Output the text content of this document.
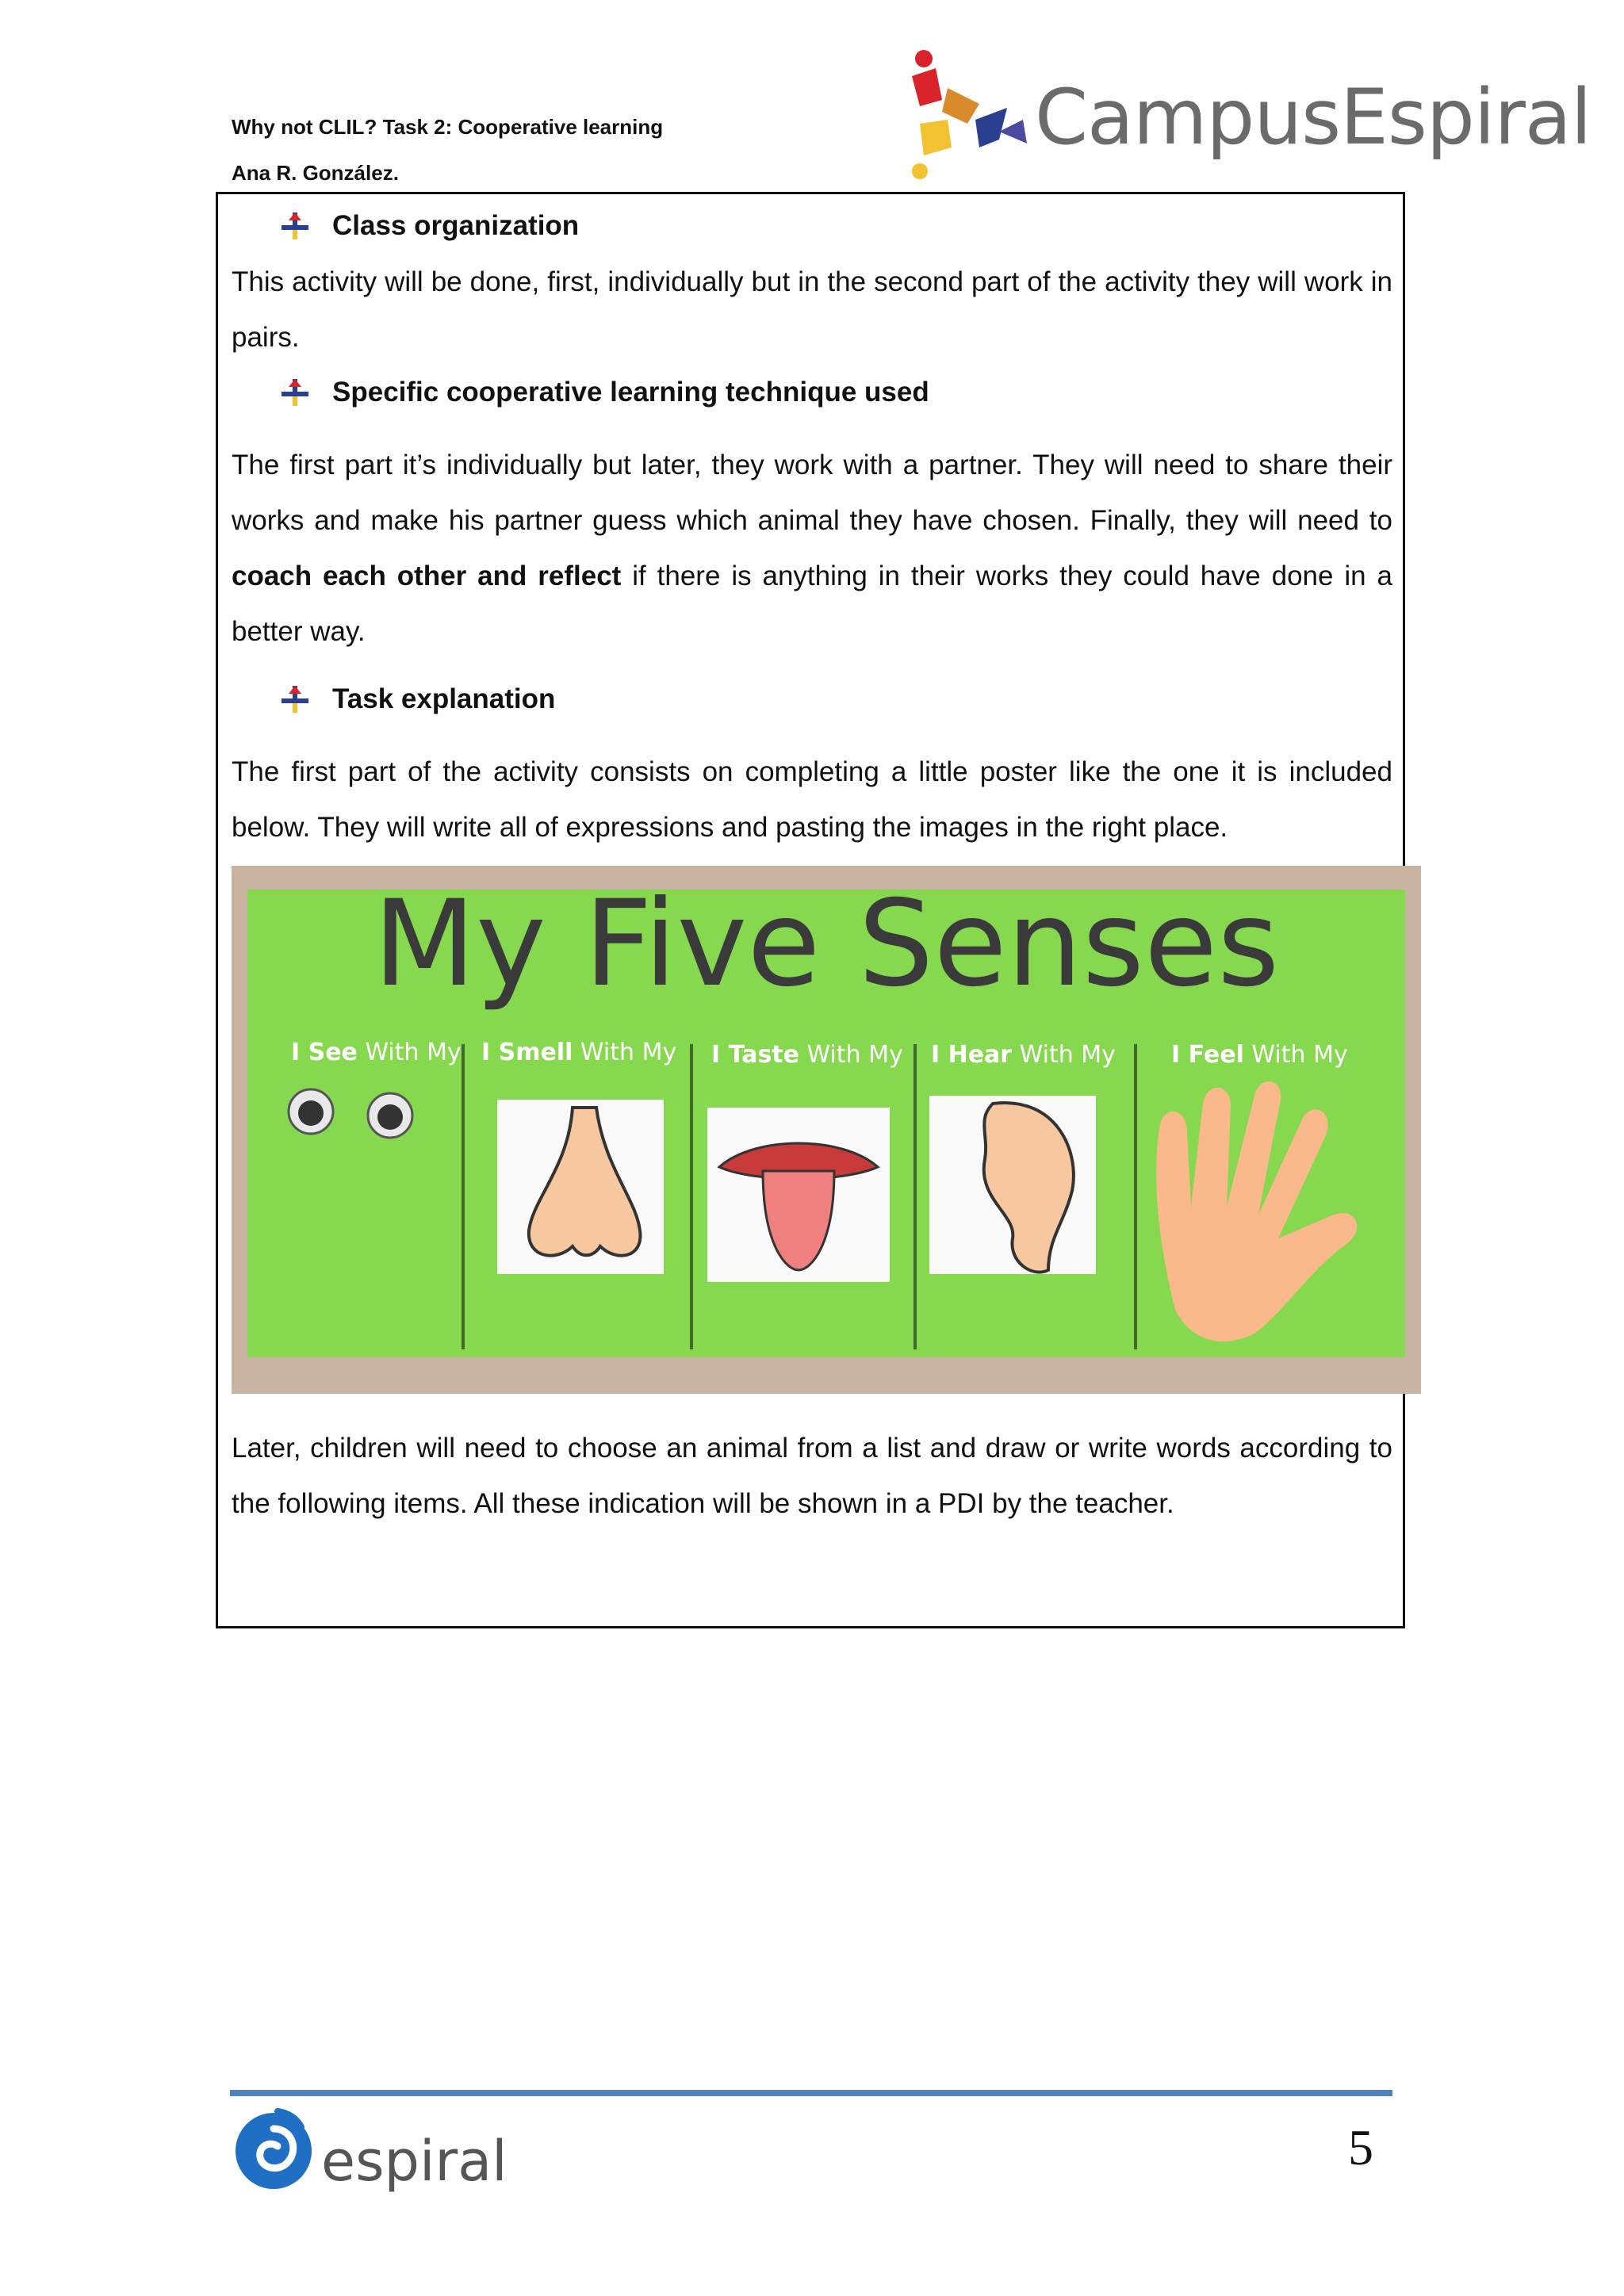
Why not CLIL? Task 2: Cooperative learning
Ana R. González.
CampusEspiral
Class organization
This activity will be done, first, individually but in the second part of the activity they will work in pairs.
Specific cooperative learning technique used
The first part it’s individually but later, they work with a partner. They will need to share their works and make his partner guess which animal they have chosen. Finally, they will need to coach each other and reflect if there is anything in their works they could have done in a better way.
Task explanation
The first part of the activity consists on completing a little poster like the one it is included below. They will write all of expressions and pasting the images in the right place.
My Five Senses
I See With My I Smell With My I Taste With My I Hear With My I Feel With My
Later, children will need to choose an animal from a list and draw or write words according to the following items. All these indication will be shown in a PDI by the teacher.
espiral	5
